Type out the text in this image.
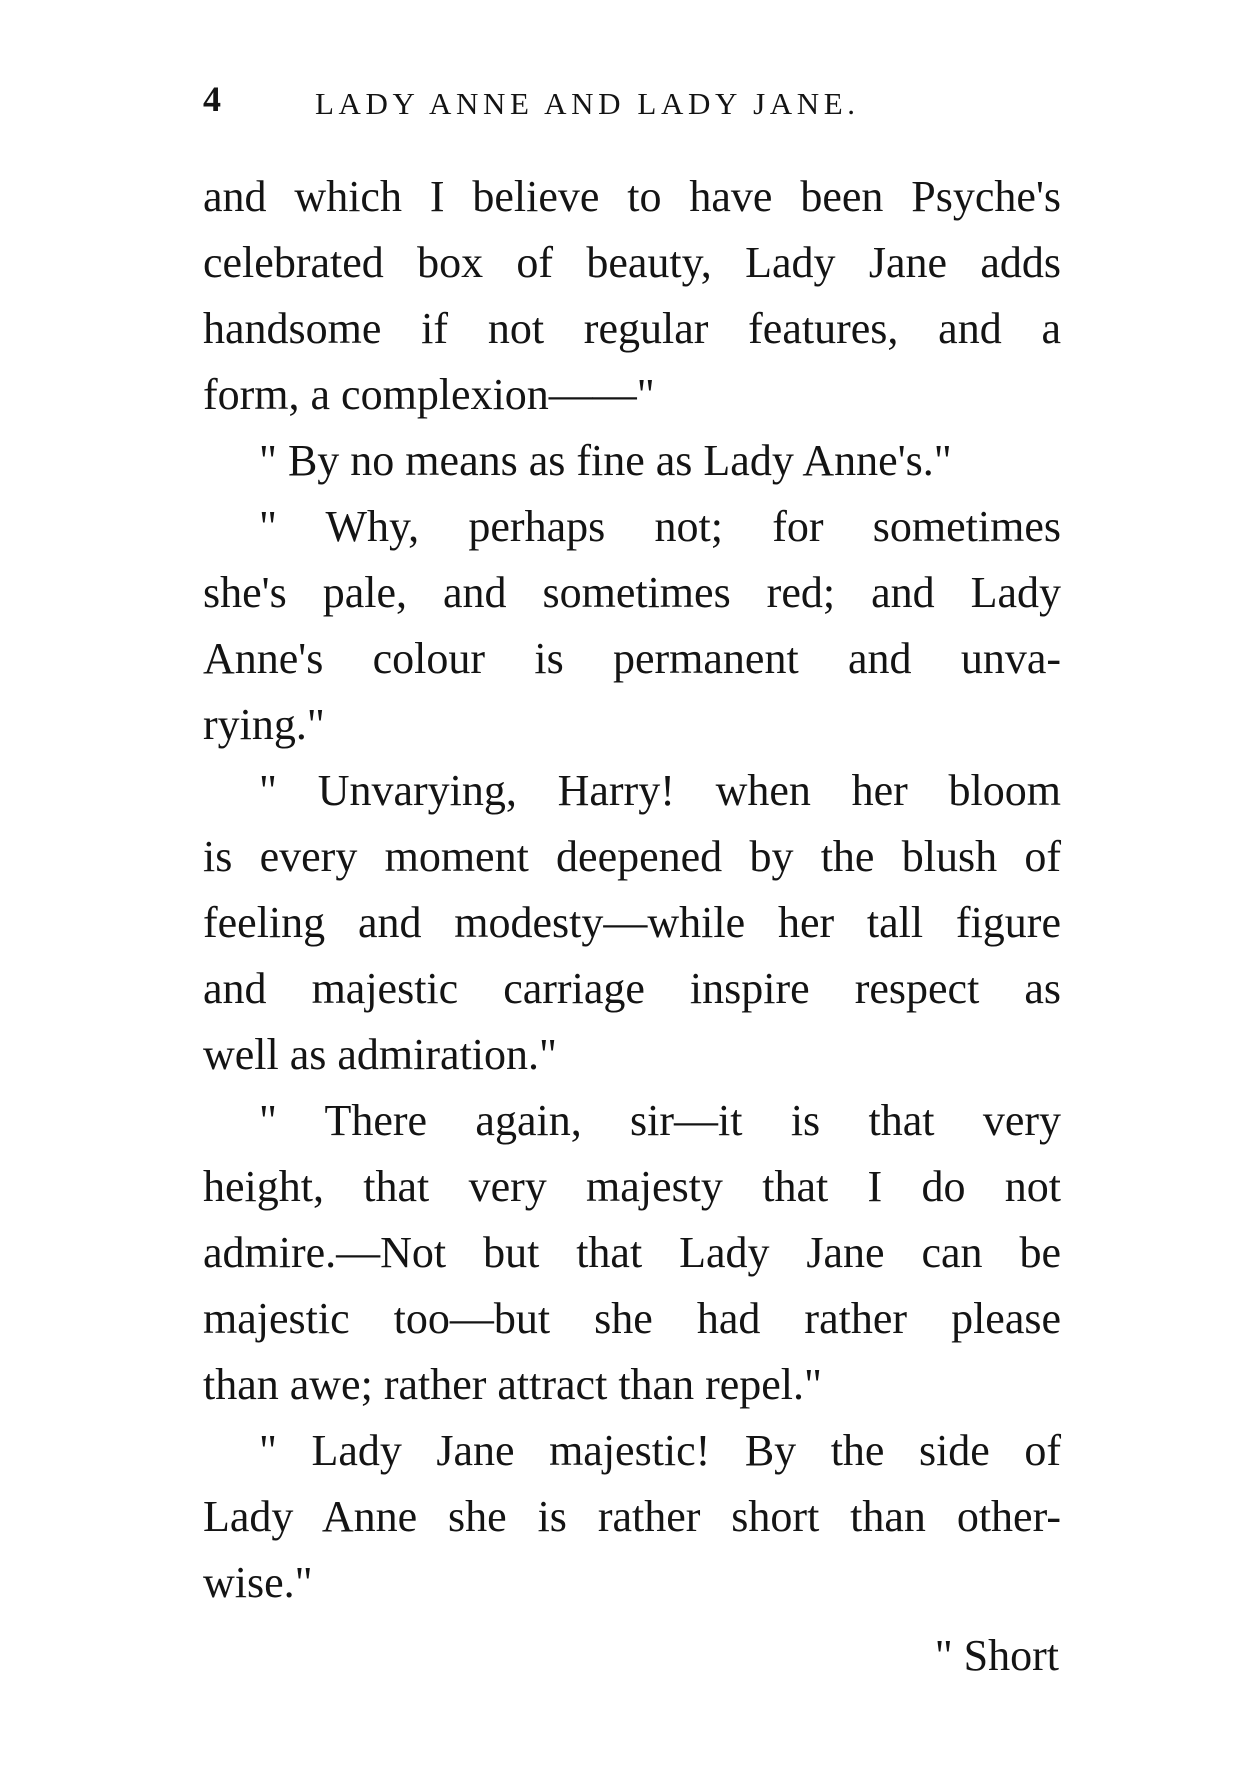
4	LADY ANNE AND LADY JANE.
and which I believe to have been Psyche's
celebrated box of beauty, Lady Jane adds
handsome if not regular features, and a
form, a complexion——"
" By no means as fine as Lady Anne's."
" Why, perhaps not; for sometimes
she's pale, and sometimes red; and Lady
Anne's colour is permanent and unva-
rying."
" Unvarying, Harry! when her bloom
is every moment deepened by the blush of
feeling and modesty—while her tall figure
and majestic carriage inspire respect as
well as admiration."
" There again, sir—it is that very
height, that very majesty that I do not
admire.—Not but that Lady Jane can be
majestic too—but she had rather please
than awe; rather attract than repel."
" Lady Jane majestic! By the side of
Lady Anne she is rather short than other-
wise."
" Short
